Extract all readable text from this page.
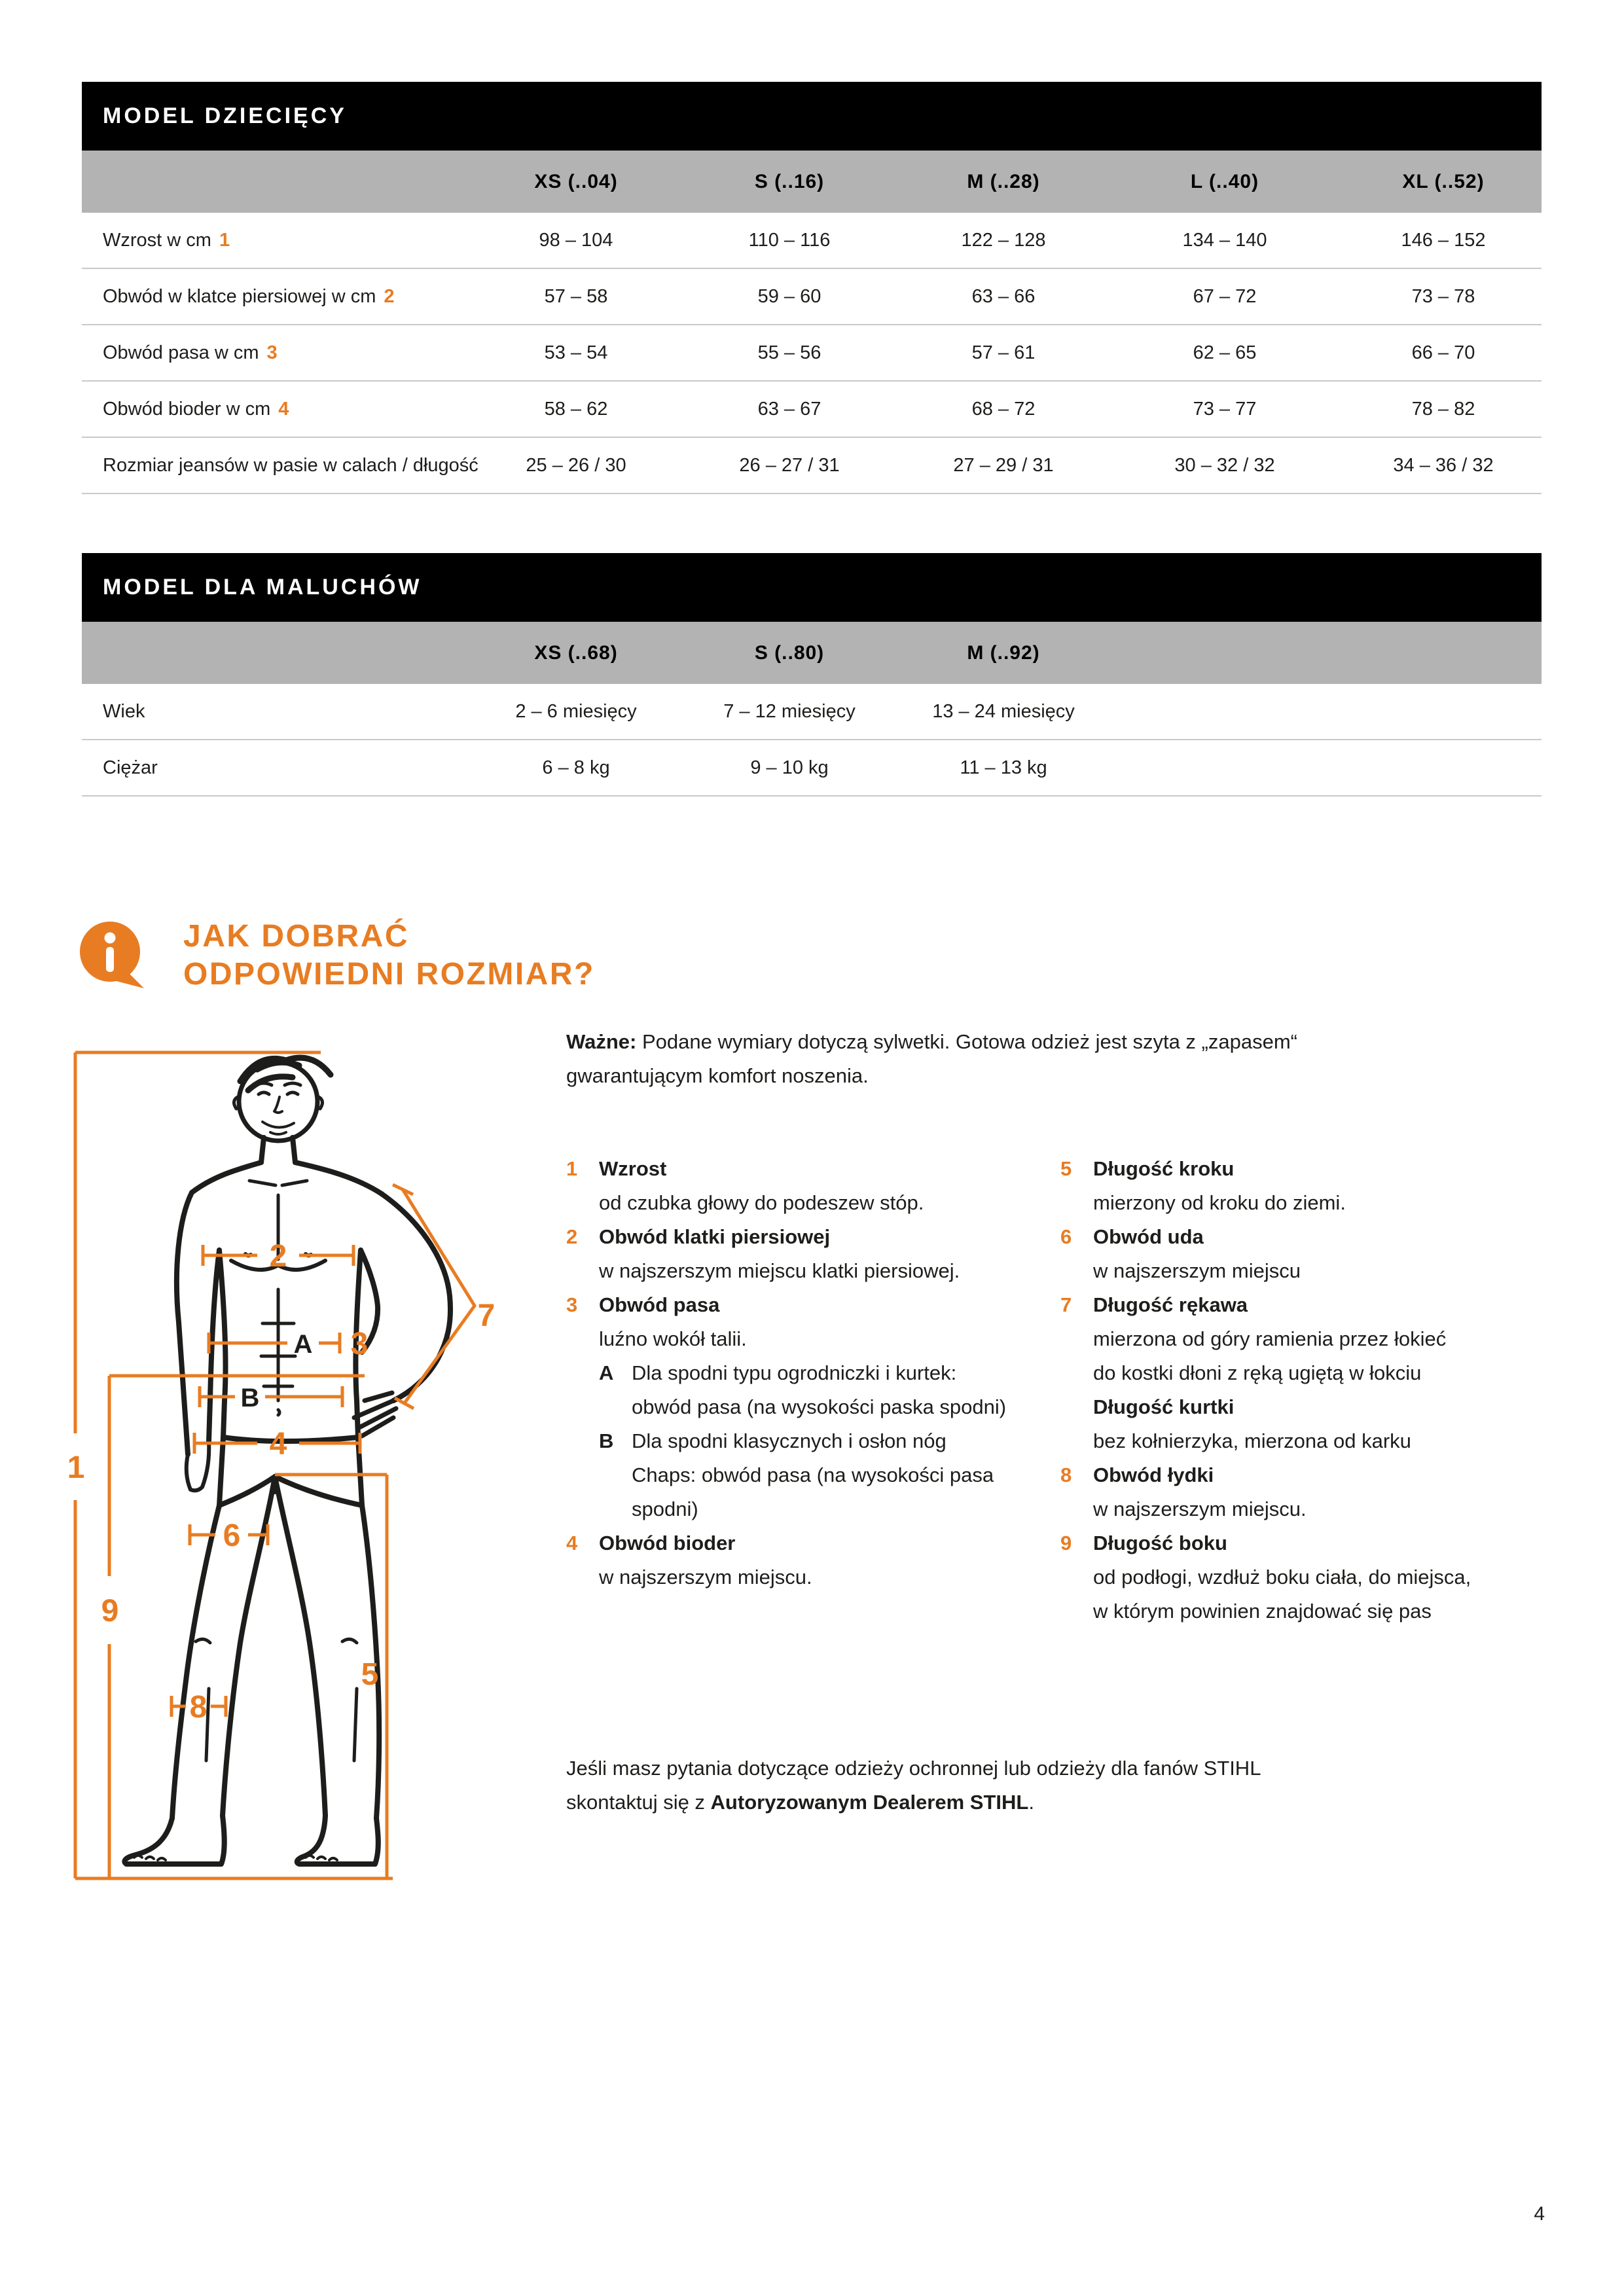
MODEL DZIECIĘCY
XS (..04)	S (..16)	M (..28)	L (..40)	XL (..52)
Wzrost w cm 1	98 – 104	110 – 116	122 – 128	134 – 140	146 – 152
Obwód w klatce piersiowej w cm 2	57 – 58	59 – 60	63 – 66	67 – 72	73 – 78
Obwód pasa w cm 3	53 – 54	55 – 56	57 – 61	62 – 65	66 – 70
Obwód bioder w cm 4	58 – 62	63 – 67	68 – 72	73 – 77	78 – 82
Rozmiar jeansów w pasie w calach / długość	25 – 26 / 30	26 – 27 / 31	27 – 29 / 31	30 – 32 / 32	34 – 36 / 32
MODEL DLA MALUCHÓW
XS (..68)	S (..80)	M (..92)
Wiek	2 – 6 miesięcy	7 – 12 miesięcy	13 – 24 miesięcy
Ciężar	6 – 8 kg	9 – 10 kg	11 – 13 kg
JAK DOBRAĆ
ODPOWIEDNI ROZMIAR?
1
2
3
4
5
6
7
8
9
A
B
Ważne: Podane wymiary dotyczą sylwetki. Gotowa odzież jest szyta z „zapasem“
gwarantującym komfort noszenia.
1 Wzrost
od czubka głowy do podeszew stóp.
2 Obwód klatki piersiowej
w najszerszym miejscu klatki piersiowej.
3 Obwód pasa
luźno wokół talii.
A Dla spodni typu ogrodniczki i kurtek:
obwód pasa (na wysokości paska spodni)
B Dla spodni klasycznych i osłon nóg
Chaps: obwód pasa (na wysokości pasa
spodni)
4 Obwód bioder
w najszerszym miejscu.
5 Długość kroku
mierzony od kroku do ziemi.
6 Obwód uda
w najszerszym miejscu
7 Długość rękawa
mierzona od góry ramienia przez łokieć
do kostki dłoni z ręką ugiętą w łokciu
Długość kurtki
bez kołnierzyka, mierzona od karku
8 Obwód łydki
w najszerszym miejscu.
9 Długość boku
od podłogi, wzdłuż boku ciała, do miejsca,
w którym powinien znajdować się pas
Jeśli masz pytania dotyczące odzieży ochronnej lub odzieży dla fanów STIHL
skontaktuj się z Autoryzowanym Dealerem STIHL.
4
